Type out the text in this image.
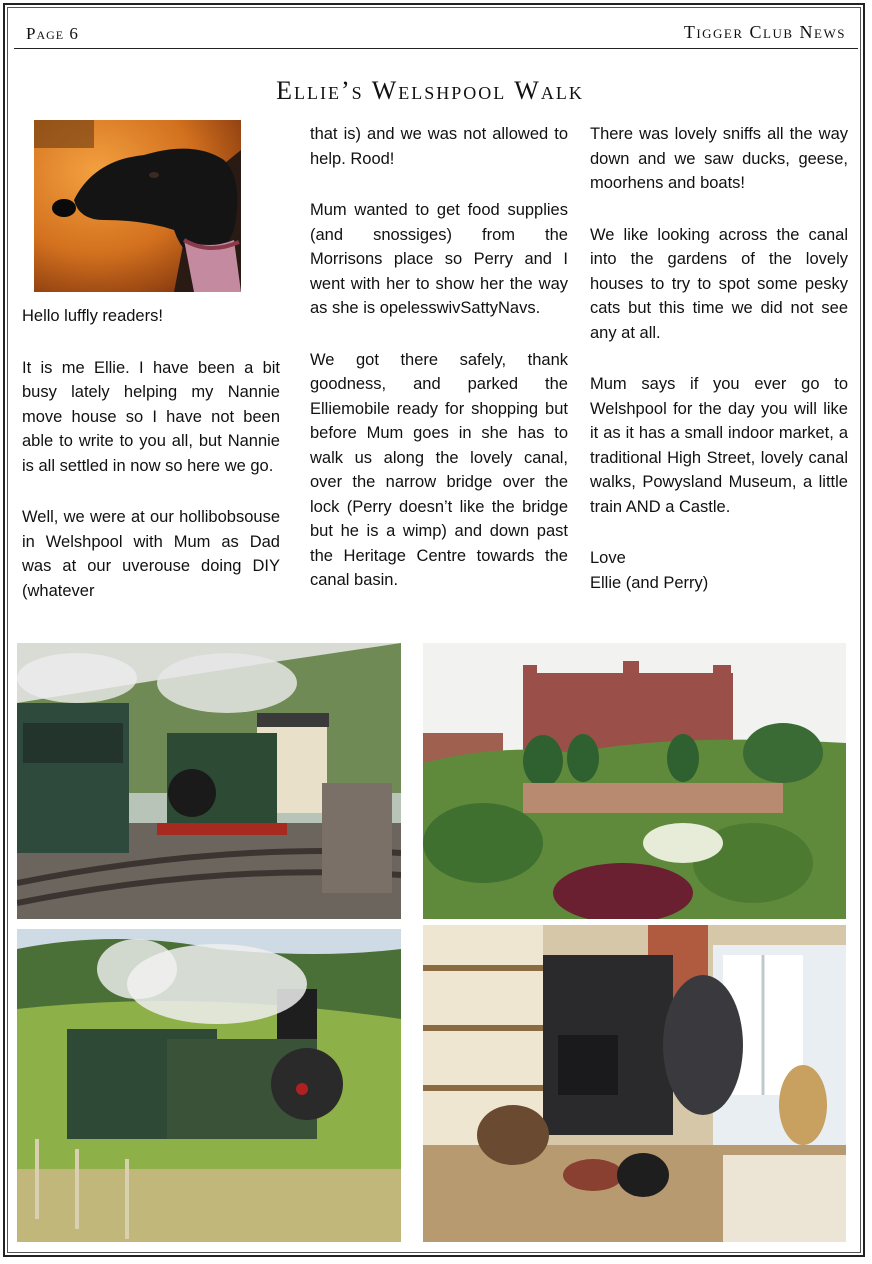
Page 6	Tigger Club News
Ellie’s Welshpool Walk

Hello luffly readers!

It is me Ellie. I have been a bit busy lately helping my Nannie move house so I have not been able to write to you all, but Nannie is all settled in now so here we go.

Well, we were at our hollibobsouse in Welshpool with Mum as Dad was at our uverouse doing DIY (whatever

that is) and we was not allowed to help. Rood!

Mum wanted to get food supplies (and snossiges) from the Morrisons place so Perry and I went with her to show her the way as she is opelesswivSattyNavs.

We got there safely, thank goodness, and parked the Elliemobile ready for shopping but before Mum goes in she has to walk us along the lovely canal, over the narrow bridge over the lock (Perry doesn’t like the bridge but he is a wimp) and down past the Heritage Centre towards the canal basin.

There was lovely sniffs all the way down and we saw ducks, geese, moorhens and boats!

We like looking across the canal into the gardens of the lovely houses to try to spot some pesky cats but this time we did not see any at all.

Mum says if you ever go to Welshpool for the day you will like it as it has a small indoor market, a traditional High Street, lovely canal walks, Powysland Museum, a little train AND a Castle.

Love
Ellie (and Perry)
